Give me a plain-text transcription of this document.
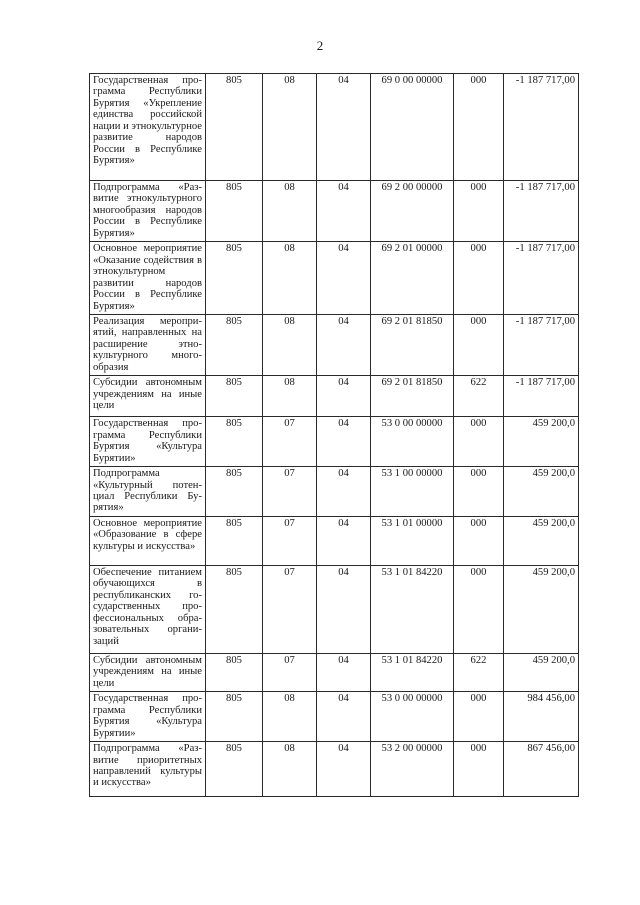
2
Государственная программа Республики Бурятия «Укрепление единства российской нации и этнокультурное развитие народов России в Республике Бурятия»	805	08	04	69 0 00 00000	000	-1 187 717,00
Подпрограмма «Развитие этнокультурного многообразия народов России в Республике Бурятия»	805	08	04	69 2 00 00000	000	-1 187 717,00
Основное мероприятие «Оказание содействия в этнокультурном развитии народов России в Республике Бурятия»	805	08	04	69 2 01 00000	000	-1 187 717,00
Реализация мероприятий, направленных на расширение этнокультурного многообразия	805	08	04	69 2 01 81850	000	-1 187 717,00
Субсидии автономным учреждениям на иные цели	805	08	04	69 2 01 81850	622	-1 187 717,00
Государственная программа Республики Бурятия «Культура Бурятии»	805	07	04	53 0 00 00000	000	459 200,0
Подпрограмма «Культурный потенциал Республики Бурятия»	805	07	04	53 1 00 00000	000	459 200,0
Основное мероприятие «Образование в сфере культуры и искусства»	805	07	04	53 1 01 00000	000	459 200,0
Обеспечение питанием обучающихся в республиканских государственных профессиональных образовательных организаций	805	07	04	53 1 01 84220	000	459 200,0
Субсидии автономным учреждениям на иные цели	805	07	04	53 1 01 84220	622	459 200,0
Государственная программа Республики Бурятия «Культура Бурятии»	805	08	04	53 0 00 00000	000	984 456,00
Подпрограмма «Развитие приоритетных направлений культуры и искусства»	805	08	04	53 2 00 00000	000	867 456,00
